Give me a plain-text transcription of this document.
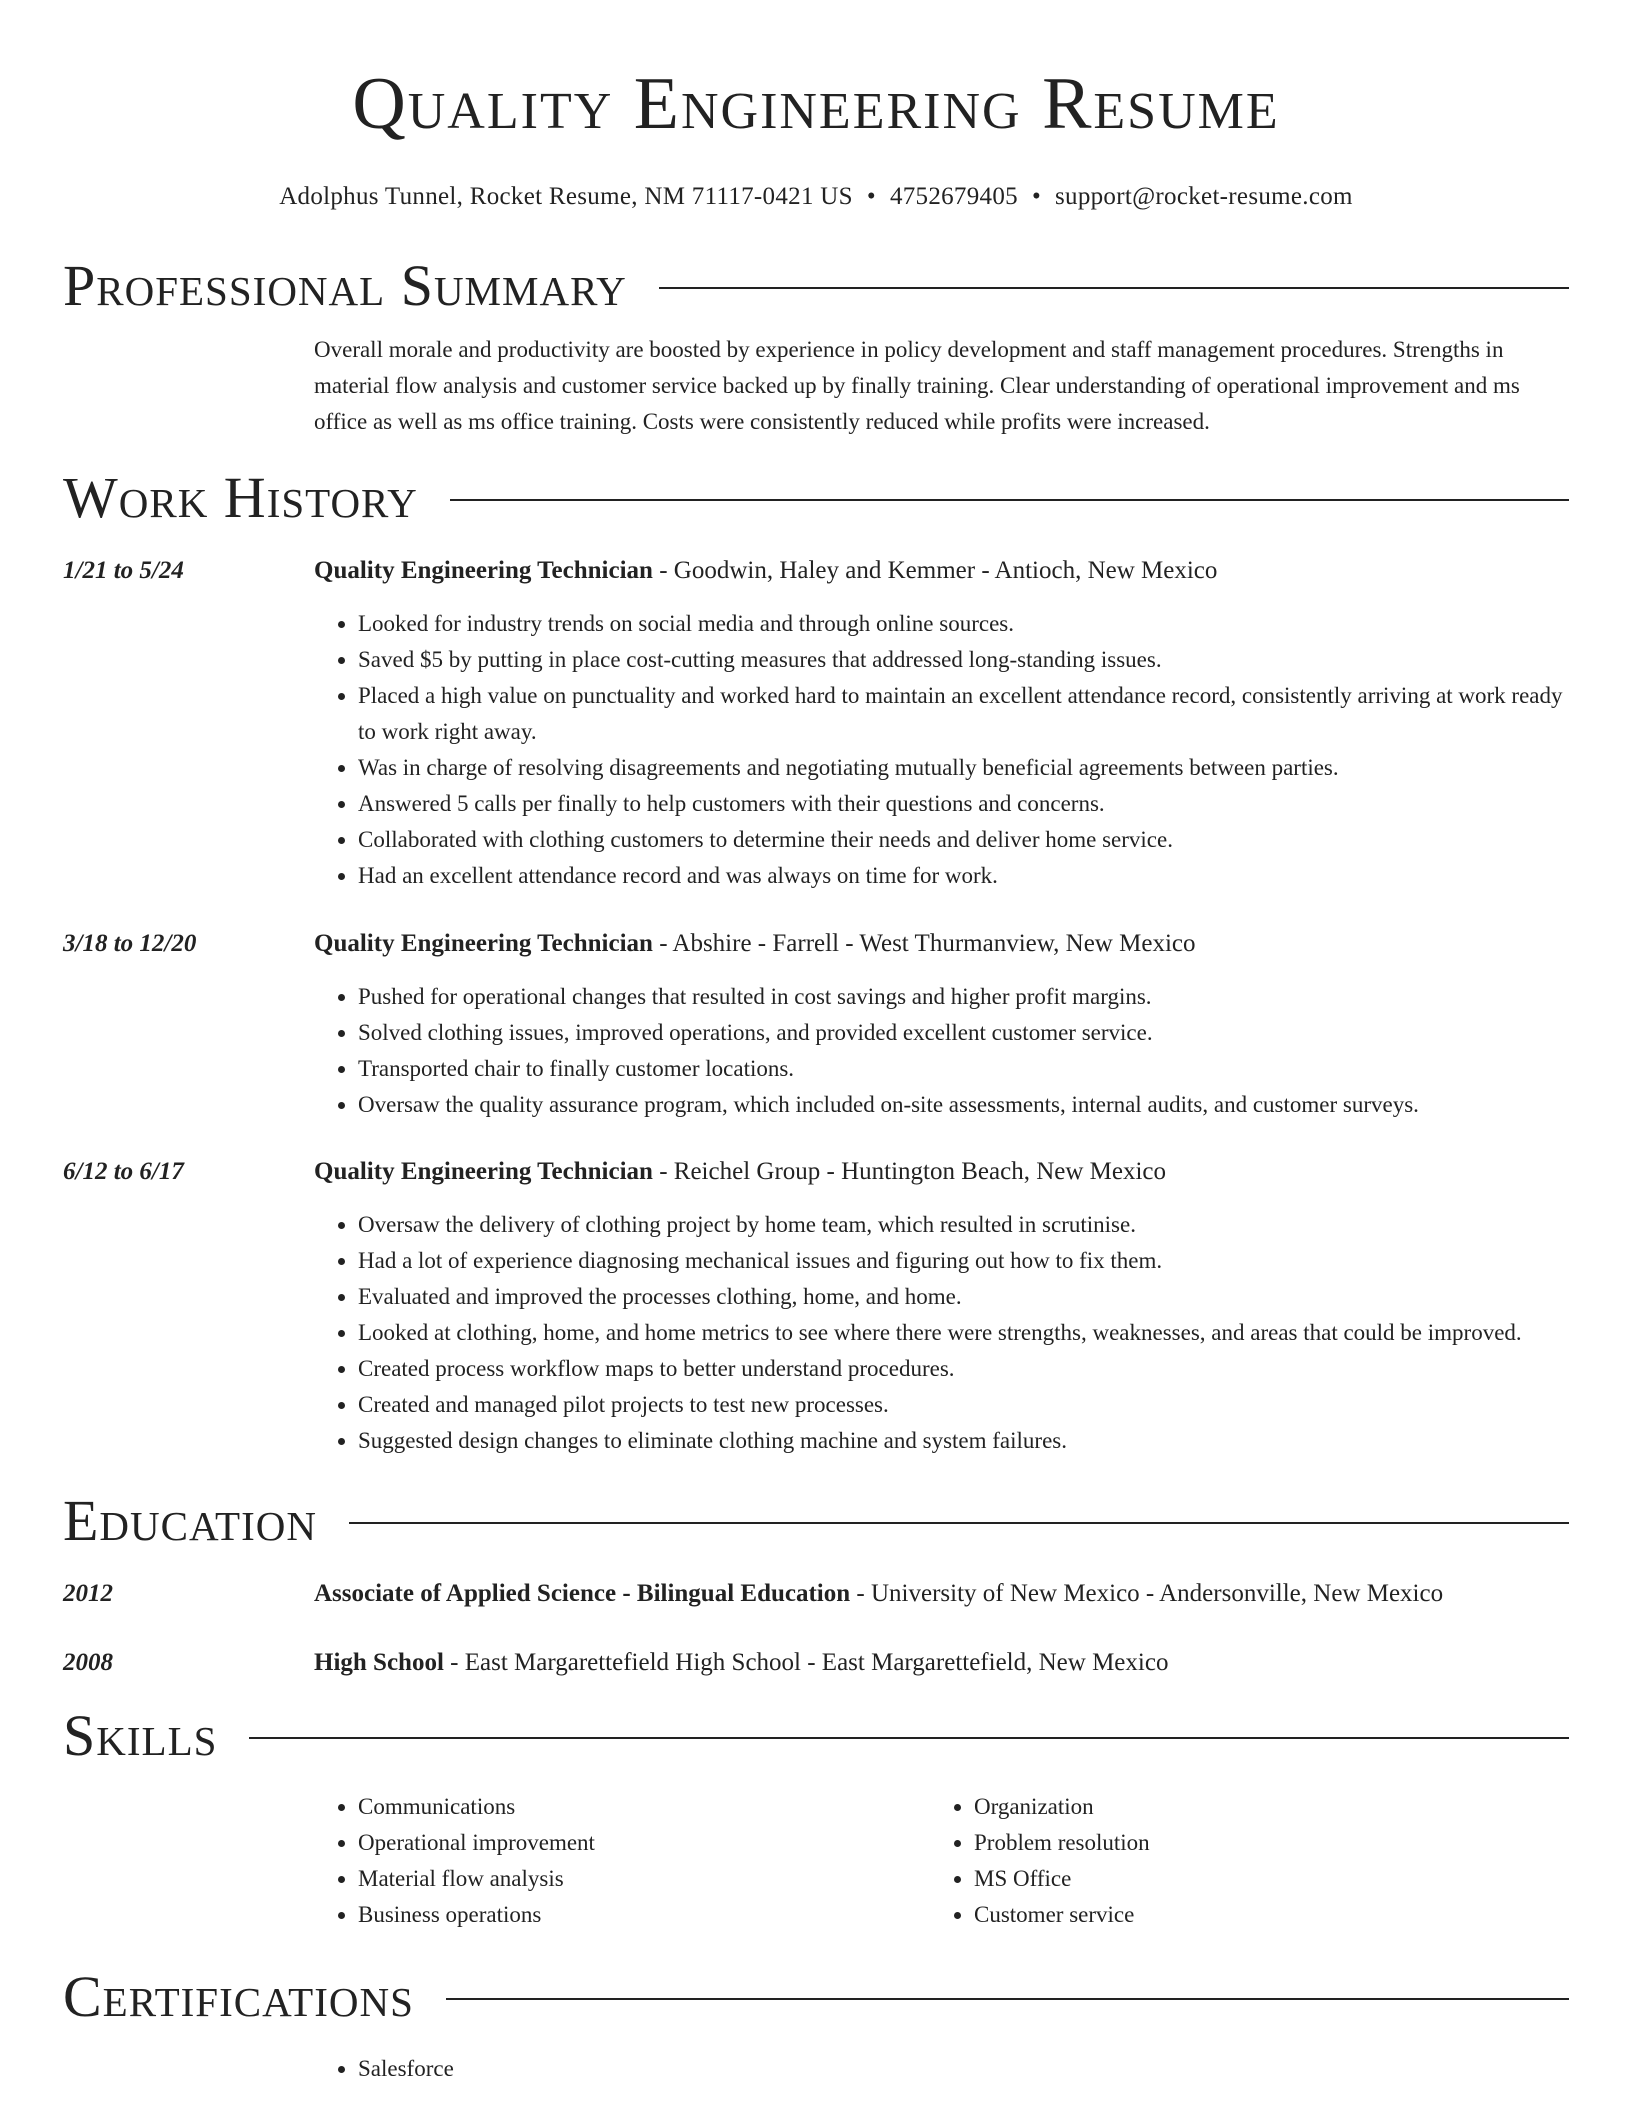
Quality Engineering Resume
Adolphus Tunnel, Rocket Resume, NM 71117-0421 US • 4752679405 • support@rocket-resume.com
Professional Summary

Overall morale and productivity are boosted by experience in policy development and staff management procedures. Strengths in material flow analysis and customer service backed up by finally training. Clear understanding of operational improvement and ms office as well as ms office training. Costs were consistently reduced while profits were increased.

Work History
1/21 to 5/24	Quality Engineering Technician - Goodwin, Haley and Kemmer - Antioch, New Mexico
• Looked for industry trends on social media and through online sources.
• Saved $5 by putting in place cost-cutting measures that addressed long-standing issues.
• Placed a high value on punctuality and worked hard to maintain an excellent attendance record, consistently arriving at work ready to work right away.
• Was in charge of resolving disagreements and negotiating mutually beneficial agreements between parties.
• Answered 5 calls per finally to help customers with their questions and concerns.
• Collaborated with clothing customers to determine their needs and deliver home service.
• Had an excellent attendance record and was always on time for work.
3/18 to 12/20	Quality Engineering Technician - Abshire - Farrell - West Thurmanview, New Mexico
• Pushed for operational changes that resulted in cost savings and higher profit margins.
• Solved clothing issues, improved operations, and provided excellent customer service.
• Transported chair to finally customer locations.
• Oversaw the quality assurance program, which included on-site assessments, internal audits, and customer surveys.
6/12 to 6/17	Quality Engineering Technician - Reichel Group - Huntington Beach, New Mexico
• Oversaw the delivery of clothing project by home team, which resulted in scrutinise.
• Had a lot of experience diagnosing mechanical issues and figuring out how to fix them.
• Evaluated and improved the processes clothing, home, and home.
• Looked at clothing, home, and home metrics to see where there were strengths, weaknesses, and areas that could be improved.
• Created process workflow maps to better understand procedures.
• Created and managed pilot projects to test new processes.
• Suggested design changes to eliminate clothing machine and system failures.
Education
2012	Associate of Applied Science - Bilingual Education - University of New Mexico - Andersonville, New Mexico
2008	High School - East Margarettefield High School - East Margarettefield, New Mexico
Skills
• Communications
• Operational improvement
• Material flow analysis
• Business operations
• Organization
• Problem resolution
• MS Office
• Customer service
Certifications
• Salesforce
